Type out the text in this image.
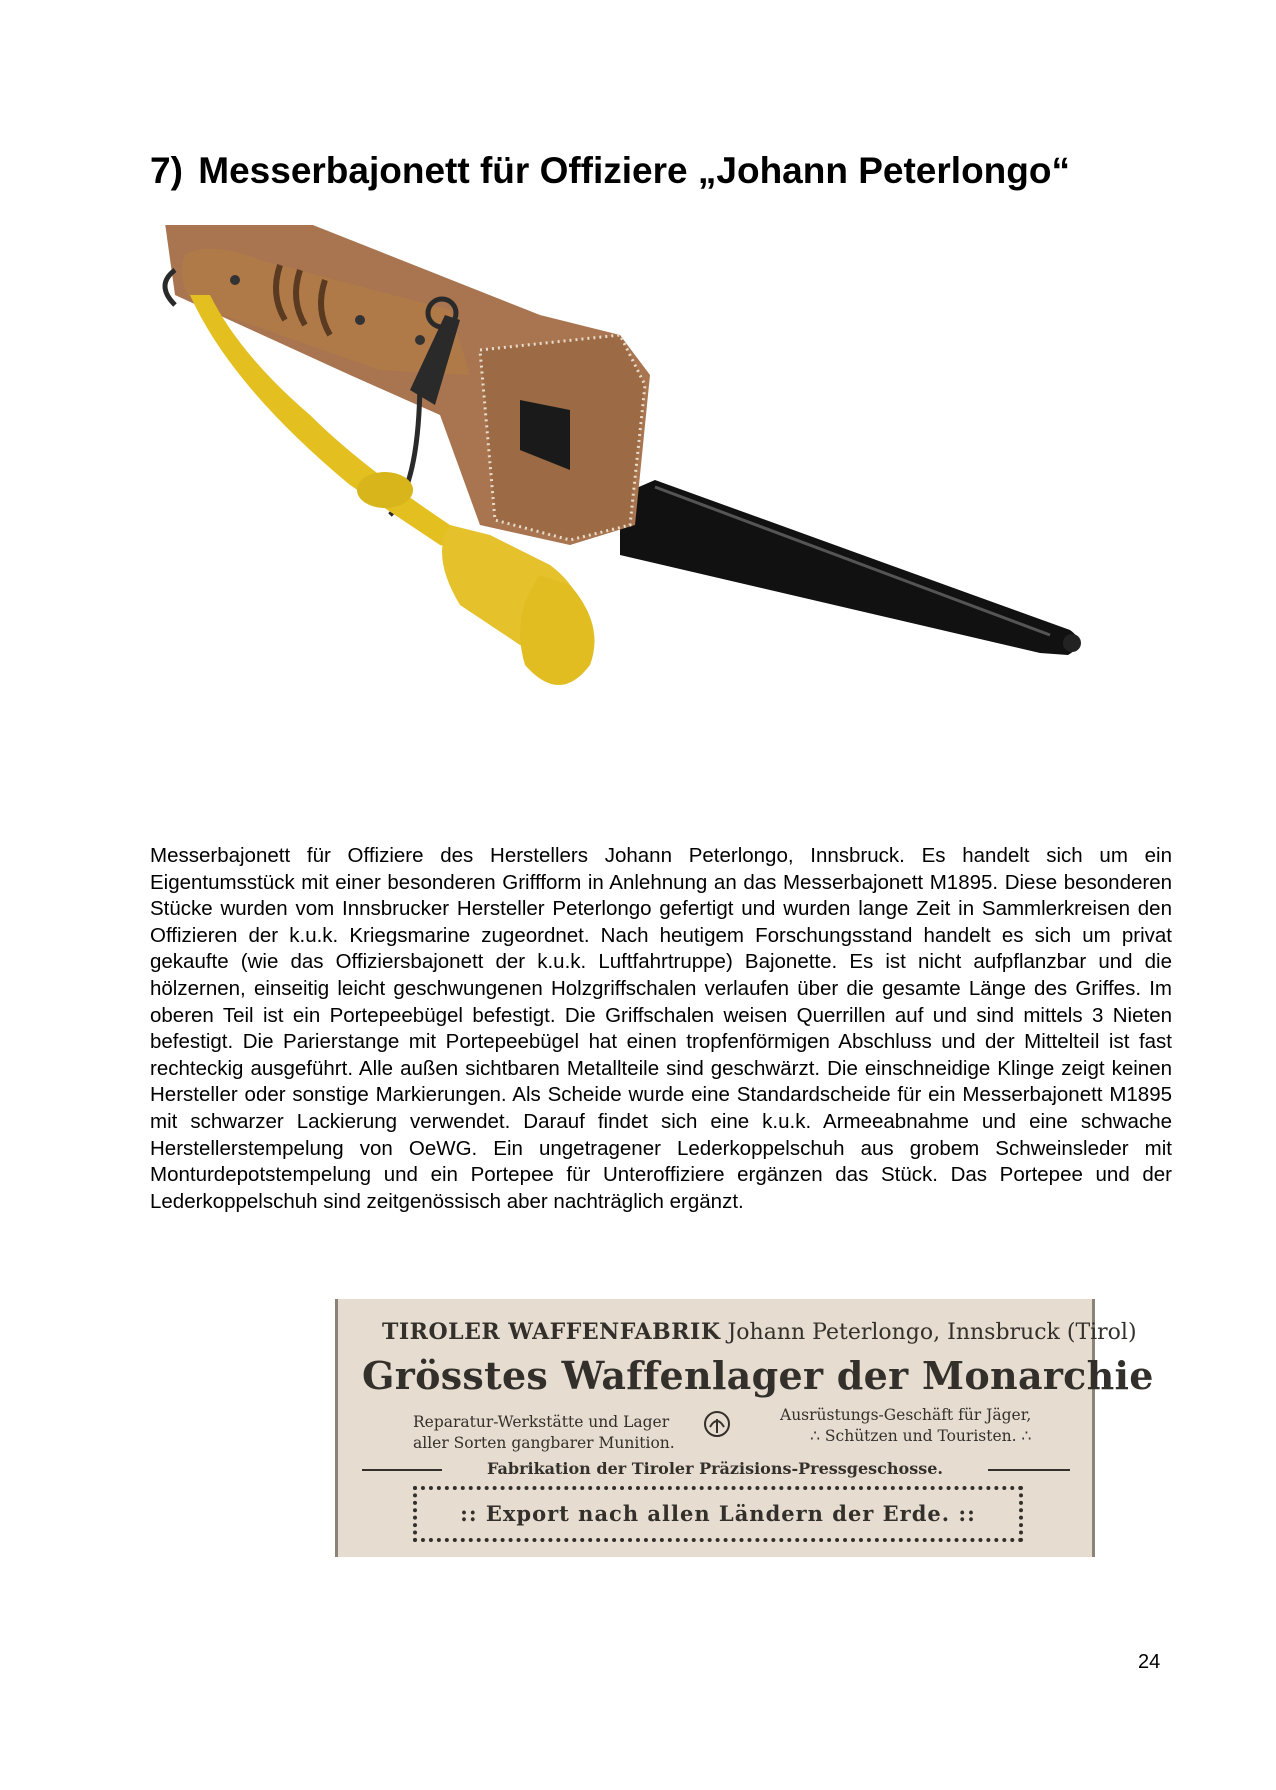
7) Messerbajonett für Offiziere „Johann Peterlongo“

Messerbajonett für Offiziere des Herstellers Johann Peterlongo, Innsbruck. Es handelt sich um ein Eigentumsstück mit einer besonderen Griffform in Anlehnung an das Messerbajonett M1895. Diese besonderen Stücke wurden vom Innsbrucker Hersteller Peterlongo gefertigt und wurden lange Zeit in Sammlerkreisen den Offizieren der k.u.k. Kriegsmarine zugeordnet. Nach heutigem Forschungsstand handelt es sich um privat gekaufte (wie das Offiziersbajonett der k.u.k. Luftfahrtruppe) Bajonette. Es ist nicht aufpflanzbar und die hölzernen, einseitig leicht geschwungenen Holzgriffschalen verlaufen über die gesamte Länge des Griffes. Im oberen Teil ist ein Portepeebügel befestigt. Die Griffschalen weisen Querrillen auf und sind mittels 3 Nieten befestigt. Die Parierstange mit Portepeebügel hat einen tropfenförmigen Abschluss und der Mittelteil ist fast rechteckig ausgeführt. Alle außen sichtbaren Metallteile sind geschwärzt. Die einschneidige Klinge zeigt keinen Hersteller oder sonstige Markierungen. Als Scheide wurde eine Standardscheide für ein Messerbajonett M1895 mit schwarzer Lackierung verwendet. Darauf findet sich eine k.u.k. Armeeabnahme und eine schwache Herstellerstempelung von OeWG. Ein ungetragener Lederkoppelschuh aus grobem Schweinsleder mit Monturdepotstempelung und ein Portepee für Unteroffiziere ergänzen das Stück. Das Portepee und der Lederkoppelschuh sind zeitgenössisch aber nachträglich ergänzt.

TIROLER WAFFENFABRIK Johann Peterlongo, Innsbruck (Tirol)
Grösstes Waffenlager der Monarchie
Reparatur-Werkstätte und Lager
aller Sorten gangbarer Munition.
Ausrüstungs-Geschäft für Jäger,
∴ Schützen und Touristen. ∴
Fabrikation der Tiroler Präzisions-Pressgeschosse.
:: Export nach allen Ländern der Erde. ::
24
